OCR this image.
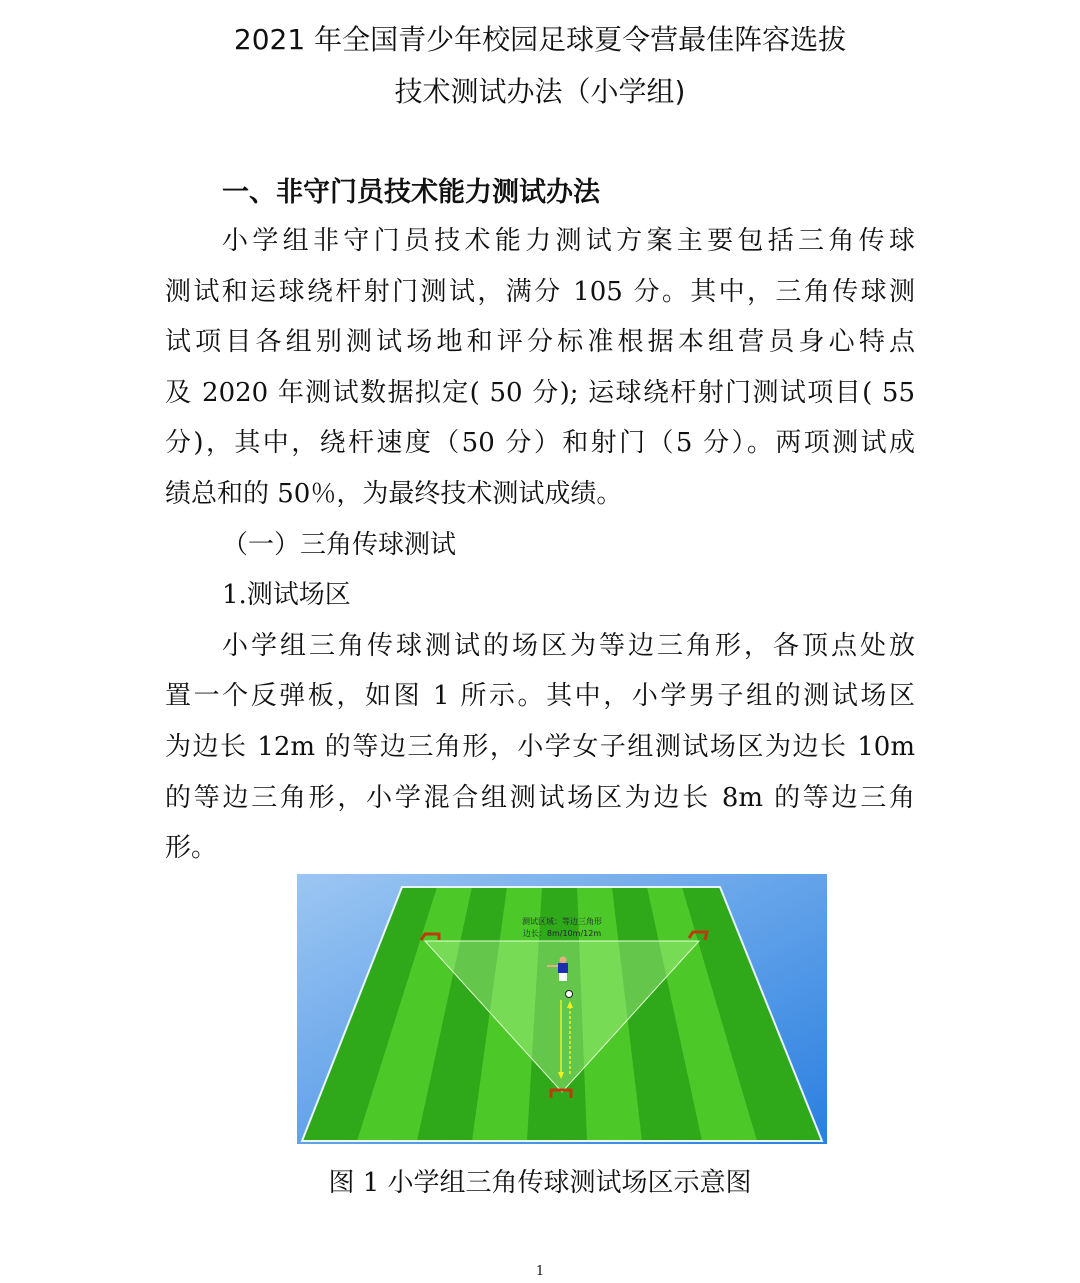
2021 年全国青少年校园足球夏令营最佳阵容选拔
技术测试办法（小学组)
一、非守门员技术能力测试办法
小学组非守门员技术能力测试方案主要包括三角传球
测试和运球绕杆射门测试，满分 105 分。其中，三角传球测
试项目各组别测试场地和评分标准根据本组营员身心特点
及 2020 年测试数据拟定( 50 分); 运球绕杆射门测试项目( 55
分)，其中，绕杆速度（50 分）和射门（5 分）。两项测试成
绩总和的 50％，为最终技术测试成绩。
（一）三角传球测试
1.测试场区
小学组三角传球测试的场区为等边三角形，各顶点处放
置一个反弹板，如图 1 所示。其中，小学男子组的测试场区
为边长 12m 的等边三角形，小学女子组测试场区为边长 10m
的等边三角形，小学混合组测试场区为边长 8m 的等边三角
形。
测试区域：等边三角形
边长：8m/10m/12m
图 1 小学组三角传球测试场区示意图
1
